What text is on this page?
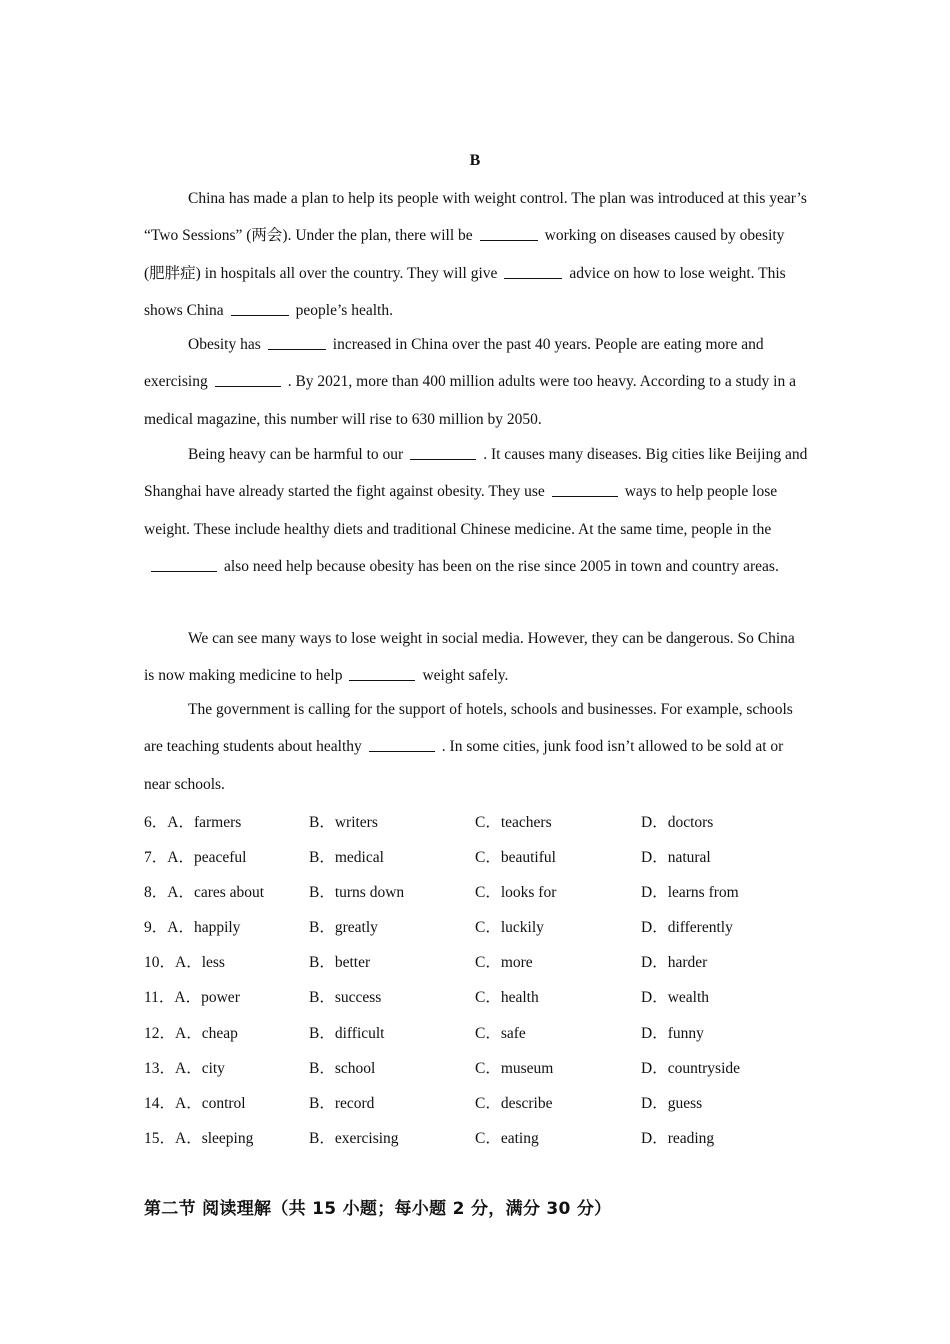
B

China has made a plan to help its people with weight control. The plan was introduced at this year’s “Two Sessions” (两会). Under the plan, there will be	working on diseases caused by obesity (肥胖症) in hospitals all over the country. They will give	advice on how to lose weight. This shows China	people’s health.

Obesity has	increased in China over the past 40 years. People are eating more and exercising	. By 2021, more than 400 million adults were too heavy. According to a study in a medical magazine, this number will rise to 630 million by 2050.

Being heavy can be harmful to our	. It causes many diseases. Big cities like Beijing and Shanghai have already started the fight against obesity. They use	ways to help people lose weight. These include healthy diets and traditional Chinese medicine. At the same time, people in thealso need help because obesity has been on the rise since 2005 in town and country areas.

We can see many ways to lose weight in social media. However, they can be dangerous. So China is now making medicine to help	weight safely.

The government is calling for the support of hotels, schools and businesses. For example, schools are teaching students about healthy	. In some cities, junk food isn’t allowed to be sold at or near schools.

6．A．farmers	B．writers	C．teachers	D．doctors
7．A．peaceful	B．medical	C．beautiful	D．natural
8．A．cares about	B．turns down	C．looks for	D．learns from
9．A．happily	B．greatly	C．luckily	D．differently
10．A．less	B．better	C．more	D．harder
11．A．power	B．success	C．health	D．wealth
12．A．cheap	B．difficult	C．safe	D．funny
13．A．city	B．school	C．museum	D．countryside
14．A．control	B．record	C．describe	D．guess
15．A．sleeping	B．exercising	C．eating	D．reading
第二节 阅读理解（共 15 小题；每小题 2 分，满分 30 分）
